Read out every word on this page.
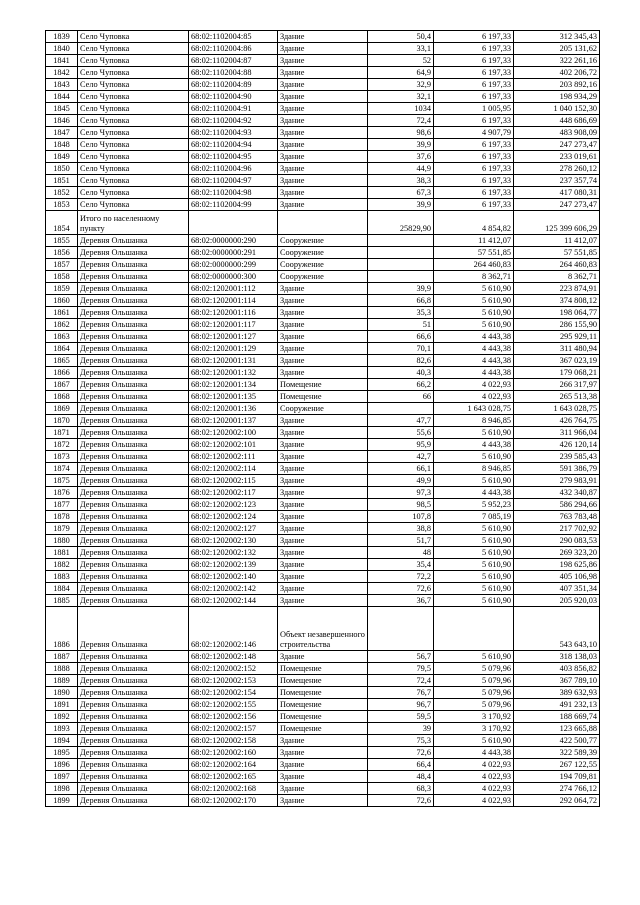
1839	Село Чуповка	68:02:1102004:85	Здание	50,4	6 197,33	312 345,43
1840	Село Чуповка	68:02:1102004:86	Здание	33,1	6 197,33	205 131,62
1841	Село Чуповка	68:02:1102004:87	Здание	52	6 197,33	322 261,16
1842	Село Чуповка	68:02:1102004:88	Здание	64,9	6 197,33	402 206,72
1843	Село Чуповка	68:02:1102004:89	Здание	32,9	6 197,33	203 892,16
1844	Село Чуповка	68:02:1102004:90	Здание	32,1	6 197,33	198 934,29
1845	Село Чуповка	68:02:1102004:91	Здание	1034	1 005,95	1 040 152,30
1846	Село Чуповка	68:02:1102004:92	Здание	72,4	6 197,33	448 686,69
1847	Село Чуповка	68:02:1102004:93	Здание	98,6	4 907,79	483 908,09
1848	Село Чуповка	68:02:1102004:94	Здание	39,9	6 197,33	247 273,47
1849	Село Чуповка	68:02:1102004:95	Здание	37,6	6 197,33	233 019,61
1850	Село Чуповка	68:02:1102004:96	Здание	44,9	6 197,33	278 260,12
1851	Село Чуповка	68:02:1102004:97	Здание	38,3	6 197,33	237 357,74
1852	Село Чуповка	68:02:1102004:98	Здание	67,3	6 197,33	417 080,31
1853	Село Чуповка	68:02:1102004:99	Здание	39,9	6 197,33	247 273,47
1854	Итого по населенному пункту			25829,90	4 854,82	125 399 606,29
1855	Деревня Ольшанка	68:02:0000000:290	Сооружение		11 412,07	11 412,07
1856	Деревня Ольшанка	68:02:0000000:291	Сооружение		57 551,85	57 551,85
1857	Деревня Ольшанка	68:02:0000000:299	Сооружение		264 460,83	264 460,83
1858	Деревня Ольшанка	68:02:0000000:300	Сооружение		8 362,71	8 362,71
1859	Деревня Ольшанка	68:02:1202001:112	Здание	39,9	5 610,90	223 874,91
1860	Деревня Ольшанка	68:02:1202001:114	Здание	66,8	5 610,90	374 808,12
1861	Деревня Ольшанка	68:02:1202001:116	Здание	35,3	5 610,90	198 064,77
1862	Деревня Ольшанка	68:02:1202001:117	Здание	51	5 610,90	286 155,90
1863	Деревня Ольшанка	68:02:1202001:127	Здание	66,6	4 443,38	295 929,11
1864	Деревня Ольшанка	68:02:1202001:129	Здание	70,1	4 443,38	311 480,94
1865	Деревня Ольшанка	68:02:1202001:131	Здание	82,6	4 443,38	367 023,19
1866	Деревня Ольшанка	68:02:1202001:132	Здание	40,3	4 443,38	179 068,21
1867	Деревня Ольшанка	68:02:1202001:134	Помещение	66,2	4 022,93	266 317,97
1868	Деревня Ольшанка	68:02:1202001:135	Помещение	66	4 022,93	265 513,38
1869	Деревня Ольшанка	68:02:1202001:136	Сооружение		1 643 028,75	1 643 028,75
1870	Деревня Ольшанка	68:02:1202001:137	Здание	47,7	8 946,85	426 764,75
1871	Деревня Ольшанка	68:02:1202002:100	Здание	55,6	5 610,90	311 966,04
1872	Деревня Ольшанка	68:02:1202002:101	Здание	95,9	4 443,38	426 120,14
1873	Деревня Ольшанка	68:02:1202002:111	Здание	42,7	5 610,90	239 585,43
1874	Деревня Ольшанка	68:02:1202002:114	Здание	66,1	8 946,85	591 386,79
1875	Деревня Ольшанка	68:02:1202002:115	Здание	49,9	5 610,90	279 983,91
1876	Деревня Ольшанка	68:02:1202002:117	Здание	97,3	4 443,38	432 340,87
1877	Деревня Ольшанка	68:02:1202002:123	Здание	98,5	5 952,23	586 294,66
1878	Деревня Ольшанка	68:02:1202002:124	Здание	107,8	7 085,19	763 783,48
1879	Деревня Ольшанка	68:02:1202002:127	Здание	38,8	5 610,90	217 702,92
1880	Деревня Ольшанка	68:02:1202002:130	Здание	51,7	5 610,90	290 083,53
1881	Деревня Ольшанка	68:02:1202002:132	Здание	48	5 610,90	269 323,20
1882	Деревня Ольшанка	68:02:1202002:139	Здание	35,4	5 610,90	198 625,86
1883	Деревня Ольшанка	68:02:1202002:140	Здание	72,2	5 610,90	405 106,98
1884	Деревня Ольшанка	68:02:1202002:142	Здание	72,6	5 610,90	407 351,34
1885	Деревня Ольшанка	68:02:1202002:144	Здание	36,7	5 610,90	205 920,03
1886	Деревня Ольшанка	68:02:1202002:146	Объект незавершенного строительства			543 643,10
1887	Деревня Ольшанка	68:02:1202002:148	Здание	56,7	5 610,90	318 138,03
1888	Деревня Ольшанка	68:02:1202002:152	Помещение	79,5	5 079,96	403 856,82
1889	Деревня Ольшанка	68:02:1202002:153	Помещение	72,4	5 079,96	367 789,10
1890	Деревня Ольшанка	68:02:1202002:154	Помещение	76,7	5 079,96	389 632,93
1891	Деревня Ольшанка	68:02:1202002:155	Помещение	96,7	5 079,96	491 232,13
1892	Деревня Ольшанка	68:02:1202002:156	Помещение	59,5	3 170,92	188 669,74
1893	Деревня Ольшанка	68:02:1202002:157	Помещение	39	3 170,92	123 665,88
1894	Деревня Ольшанка	68:02:1202002:158	Здание	75,3	5 610,90	422 500,77
1895	Деревня Ольшанка	68:02:1202002:160	Здание	72,6	4 443,38	322 589,39
1896	Деревня Ольшанка	68:02:1202002:164	Здание	66,4	4 022,93	267 122,55
1897	Деревня Ольшанка	68:02:1202002:165	Здание	48,4	4 022,93	194 709,81
1898	Деревня Ольшанка	68:02:1202002:168	Здание	68,3	4 022,93	274 766,12
1899	Деревня Ольшанка	68:02:1202002:170	Здание	72,6	4 022,93	292 064,72
